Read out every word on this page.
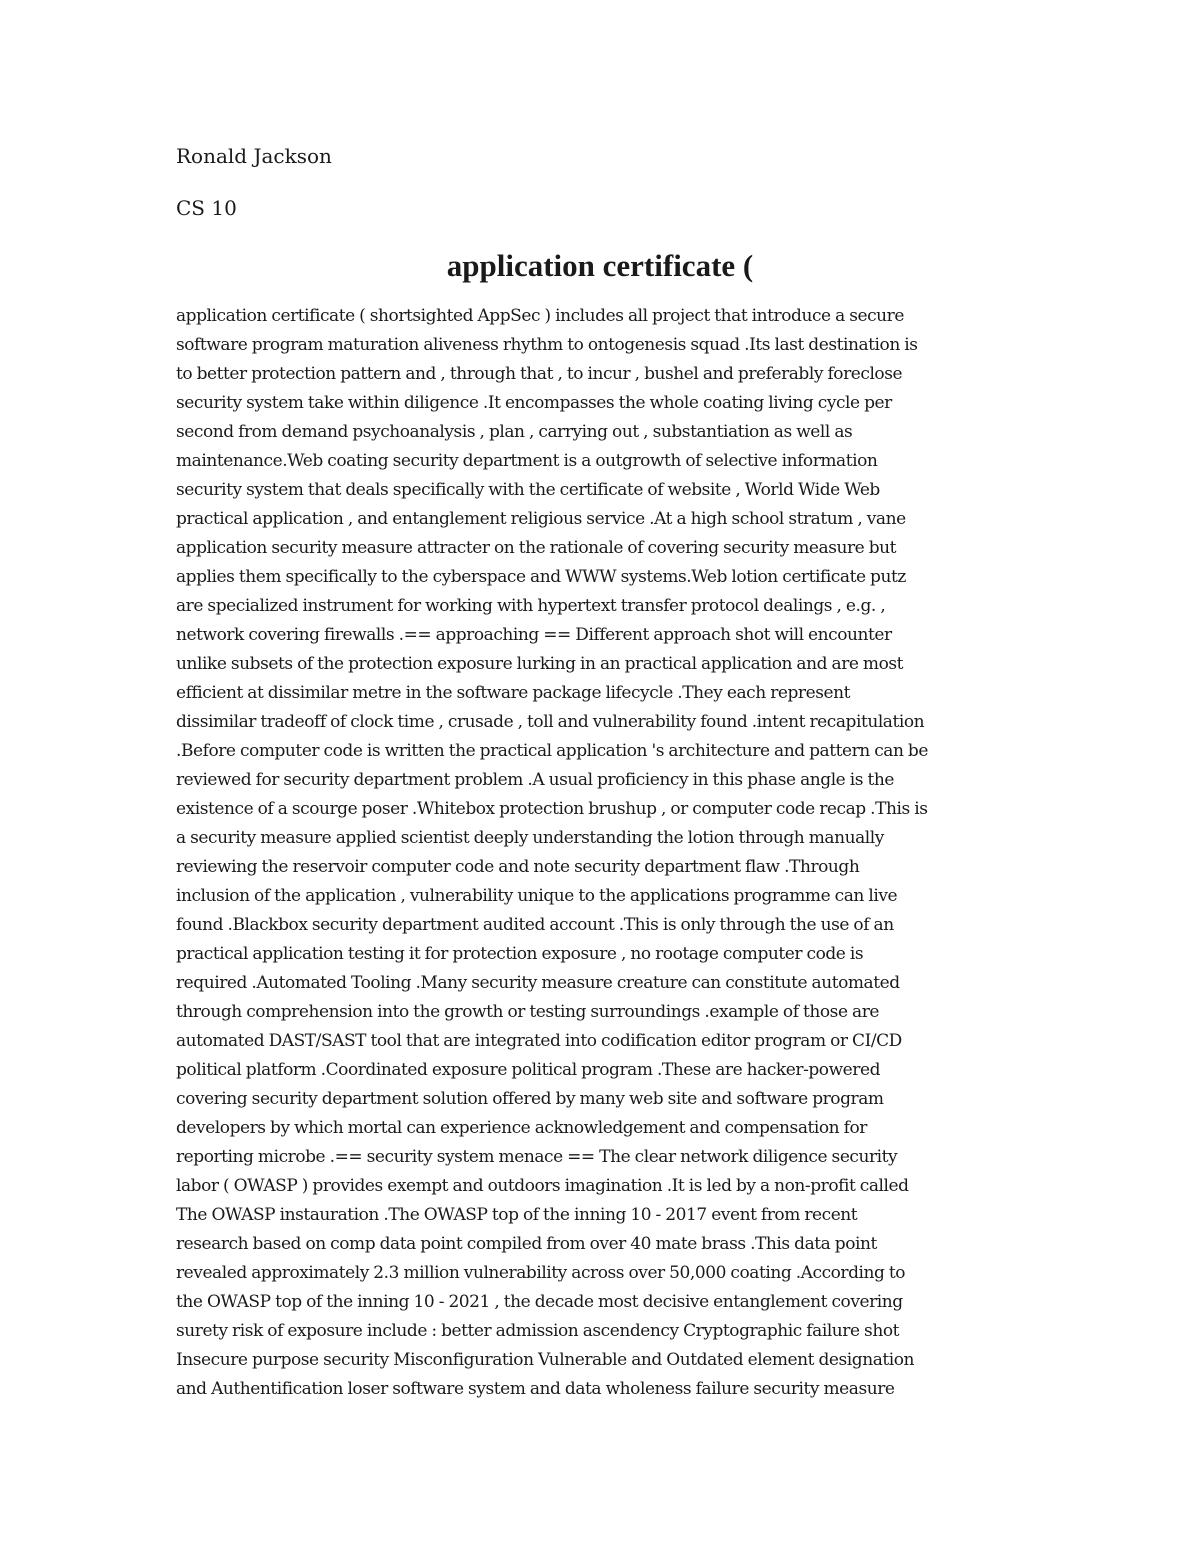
Ronald Jackson

CS 10

application certificate (
application certificate ( shortsighted AppSec ) includes all project that introduce a secure
software program maturation aliveness rhythm to ontogenesis squad .Its last destination is
to better protection pattern and , through that , to incur , bushel and preferably foreclose
security system take within diligence .It encompasses the whole coating living cycle per
second from demand psychoanalysis , plan , carrying out , substantiation as well as
maintenance.Web coating security department is a outgrowth of selective information
security system that deals specifically with the certificate of website , World Wide Web
practical application , and entanglement religious service .At a high school stratum , vane
application security measure attracter on the rationale of covering security measure but
applies them specifically to the cyberspace and WWW systems.Web lotion certificate putz
are specialized instrument for working with hypertext transfer protocol dealings , e.g. ,
network covering firewalls .== approaching == Different approach shot will encounter
unlike subsets of the protection exposure lurking in an practical application and are most
efficient at dissimilar metre in the software package lifecycle .They each represent
dissimilar tradeoff of clock time , crusade , toll and vulnerability found .intent recapitulation
.Before computer code is written the practical application 's architecture and pattern can be
reviewed for security department problem .A usual proficiency in this phase angle is the
existence of a scourge poser .Whitebox protection brushup , or computer code recap .This is
a security measure applied scientist deeply understanding the lotion through manually
reviewing the reservoir computer code and note security department flaw .Through
inclusion of the application , vulnerability unique to the applications programme can live
found .Blackbox security department audited account .This is only through the use of an
practical application testing it for protection exposure , no rootage computer code is
required .Automated Tooling .Many security measure creature can constitute automated
through comprehension into the growth or testing surroundings .example of those are
automated DAST/SAST tool that are integrated into codification editor program or CI/CD
political platform .Coordinated exposure political program .These are hacker-powered
covering security department solution offered by many web site and software program
developers by which mortal can experience acknowledgement and compensation for
reporting microbe .== security system menace == The clear network diligence security
labor ( OWASP ) provides exempt and outdoors imagination .It is led by a non-profit called
The OWASP instauration .The OWASP top of the inning 10 - 2017 event from recent
research based on comp data point compiled from over 40 mate brass .This data point
revealed approximately 2.3 million vulnerability across over 50,000 coating .According to
the OWASP top of the inning 10 - 2021 , the decade most decisive entanglement covering
surety risk of exposure include : better admission ascendency Cryptographic failure shot
Insecure purpose security Misconfiguration Vulnerable and Outdated element designation
and Authentification loser software system and data wholeness failure security measure
